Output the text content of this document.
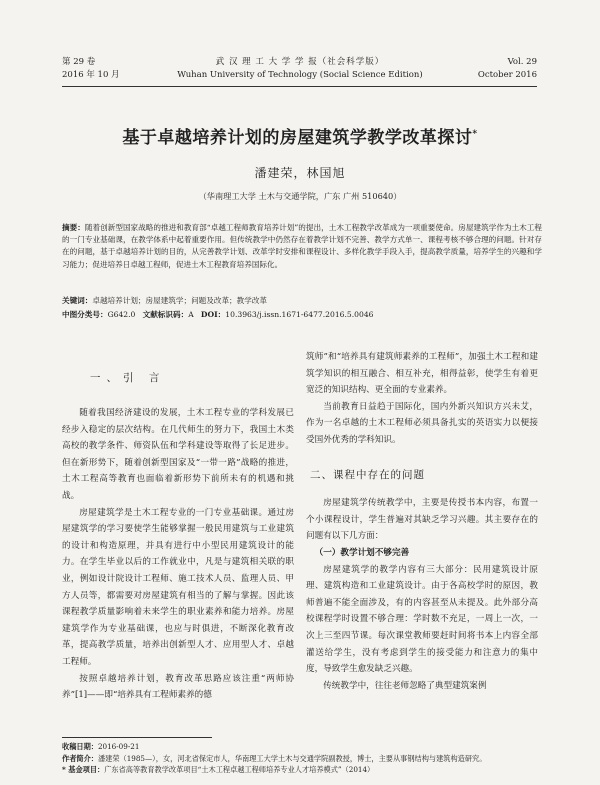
第 29 卷
2016 年 10 月
武 汉 理 工 大 学 学 报（社会科学版）
Wuhan University of Technology (Social Science Edition)
Vol. 29
October 2016
基于卓越培养计划的房屋建筑学教学改革探讨*
潘建荣，林国旭
（华南理工大学 土木与交通学院，广东 广州 510640）
摘要：随着创新型国家战略的推进和教育部“卓越工程师教育培养计划”的提出，土木工程教学改革成为一项重要使命。房屋建筑学作为土木工程的一门专业基础课，在教学体系中起着重要作用。但传统教学中仍然存在着教学计划不完善、教学方式单一、课程考核不够合理的问题。针对存在的问题，基于卓越培养计划的目的，从完善教学计划、改革学时安排和课程设计、多样化教学手段入手，提高教学质量，培养学生的兴趣和学习能力；促进培养日卓越工程师，促进土木工程教育培养国际化。
关键词：卓越培养计划；房屋建筑学；问题及改革；教学改革
中图分类号：G642.0 文献标识码：A DOI：10.3963/j.issn.1671-6477.2016.5.0046
一、引 言

随着我国经济建设的发展，土木工程专业的学科发展已经步入稳定的层次结构。在几代师生的努力下，我国土木类高校的教学条件、师资队伍和学科建设等取得了长足进步。但在新形势下，随着创新型国家及“一带一路”战略的推进，土木工程高等教育也面临着新形势下前所未有的机遇和挑战。

房屋建筑学是土木工程专业的一门专业基础课。通过房屋建筑学的学习要使学生能够掌握一般民用建筑与工业建筑的设计和构造原理，并具有进行中小型民用建筑设计的能力。在学生毕业以后的工作就业中，凡是与建筑相关联的职业，例如设计院设计工程师、施工技术人员、监理人员、甲方人员等，都需要对房屋建筑有相当的了解与掌握。因此该课程教学质量影响着未来学生的职业素养和能力培养。房屋建筑学作为专业基础课，也应与时俱进，不断深化教育改革，提高教学质量，培养出创新型人才、应用型人才、卓越工程师。

按照卓越培养计划，教育改革思路应该注重“两师协养”[1]——即“培养具有工程师素养的德

筑师”和“培养具有建筑师素养的工程师”，加强土木工程和建筑学知识的相互融合、相互补充，相得益彰，使学生有着更宽泛的知识结构、更全面的专业素养。

当前教育日益趋于国际化，国内外新兴知识方兴未艾，作为一名卓越的土木工程师必须具备扎实的英语实力以便接受国外优秀的学科知识。

二、课程中存在的问题

房屋建筑学传统教学中，主要是传授书本内容，布置一个小课程设计，学生普遍对其缺乏学习兴趣。其主要存在的问题有以下几方面：

（一）教学计划不够完善

房屋建筑学的教学内容有三大部分：民用建筑设计原理、建筑构造和工业建筑设计。由于各高校学时的原因，教师普遍不能全面涉及，有的内容甚至从未提及。此外部分高校课程学时设置不够合理：学时数不充足，一周上一次，一次上三至四节课。每次课堂教师要赶时间将书本上内容全部灌送给学生，没有考虑到学生的接受能力和注意力的集中度，导致学生愈发缺乏兴趣。

传统教学中，往往老师忽略了典型建筑案例

收稿日期：2016-09-21
作者简介：潘建荣（1985—），女，河北省保定市人，华南理工大学土木与交通学院副教授，博士，主要从事钢结构与建筑构造研究。
* 基金项目：广东省高等教育教学改革项目“土木工程卓越工程师培养专业人才培养模式”（2014）
